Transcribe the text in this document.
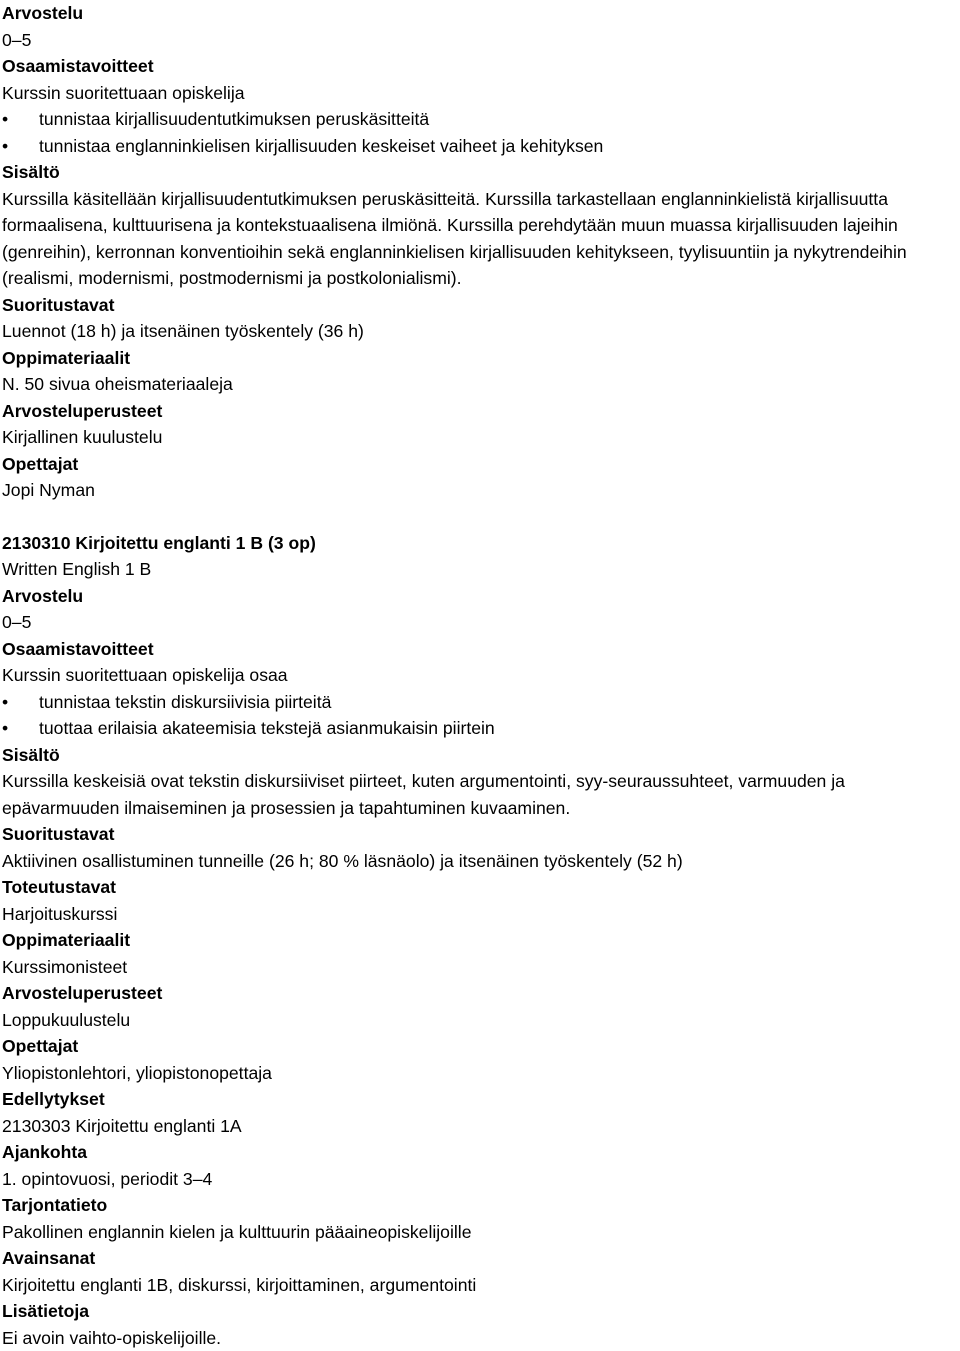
Arvostelu
0–5
Osaamistavoitteet
Kurssin suoritettuaan opiskelija
• tunnistaa kirjallisuudentutkimuksen peruskäsitteitä
• tunnistaa englanninkielisen kirjallisuuden keskeiset vaiheet ja kehityksen
Sisältö
Kurssilla käsitellään kirjallisuudentutkimuksen peruskäsitteitä. Kurssilla tarkastellaan englanninkielistä kirjallisuutta formaalisena, kulttuurisena ja kontekstuaalisena ilmiönä. Kurssilla perehdytään muun muassa kirjallisuuden lajeihin (genreihin), kerronnan konventioihin sekä englanninkielisen kirjallisuuden kehitykseen, tyylisuuntiin ja nykytrendeihin (realismi, modernismi, postmodernismi ja postkolonialismi).
Suoritustavat
Luennot (18 h) ja itsenäinen työskentely (36 h)
Oppimateriaalit
N. 50 sivua oheismateriaaleja
Arvosteluperusteet
Kirjallinen kuulustelu
Opettajat
Jopi Nyman
2130310 Kirjoitettu englanti 1 B (3 op)
Written English 1 B
Arvostelu
0–5
Osaamistavoitteet
Kurssin suoritettuaan opiskelija osaa
• tunnistaa tekstin diskursiivisia piirteitä
• tuottaa erilaisia akateemisia tekstejä asianmukaisin piirtein
Sisältö
Kurssilla keskeisiä ovat tekstin diskursiiviset piirteet, kuten argumentointi, syy-seuraussuhteet, varmuuden ja epävarmuuden ilmaiseminen ja prosessien ja tapahtuminen kuvaaminen.
Suoritustavat
Aktiivinen osallistuminen tunneille (26 h; 80 % läsnäolo) ja itsenäinen työskentely (52 h)
Toteutustavat
Harjoituskurssi
Oppimateriaalit
Kurssimonisteet
Arvosteluperusteet
Loppukuulustelu
Opettajat
Yliopistonlehtori, yliopistonopettaja
Edellytykset
2130303 Kirjoitettu englanti 1A
Ajankohta
1. opintovuosi, periodit 3–4
Tarjontatieto
Pakollinen englannin kielen ja kulttuurin pääaineopiskelijoille
Avainsanat
Kirjoitettu englanti 1B, diskurssi, kirjoittaminen, argumentointi
Lisätietoja
Ei avoin vaihto-opiskelijoille.
